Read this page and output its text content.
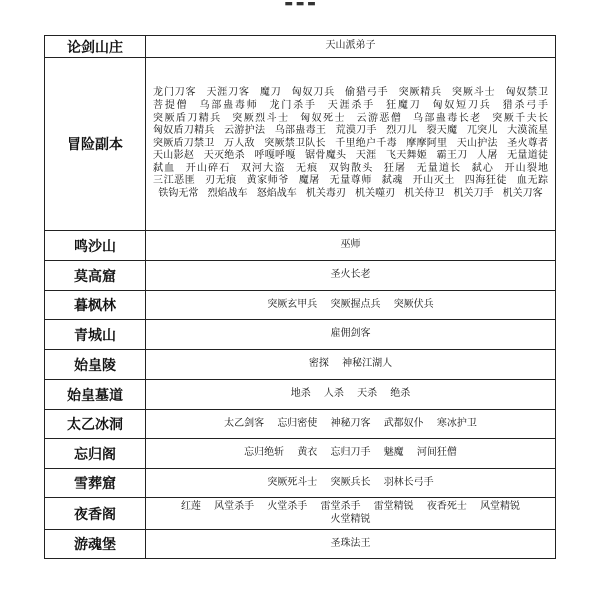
▬ ▬ ▬
论剑山庄	天山派弟子

冒险副本	龙门刀客 天涯刀客 魔刀 匈奴刀兵 偷猎弓手 突厥精兵 突厥斗士 匈奴禁卫 菩提僧 乌部蛊毒师 龙门杀手 天涯杀手 狂魔刀 匈奴短刀兵 猎杀弓手 突厥盾刀精兵 突厥烈斗士 匈奴死士 云游恶僧 乌部蛊毒长老 突厥千夫长 匈奴盾刀精兵 云游护法 乌部蛊毒王 荒漠刀手 烈刀儿 裂天魔 兀突儿 大漠流星 突厥盾刀禁卫 万人敌 突厥禁卫队长 千里绝户千毒 摩摩阿里 天山护法 圣火尊者 天山影赵 天灭绝杀 呼嘎呼嘎 锯骨魔头 天涯 飞天舞姬 霸王刀 人屠 无量道徒 弑血 开山碎石 双河大盗 无痕 双钩散头 狂屠 无量道长 弑心 开山裂地 三江恶匪 刃无痕 黄家师爷 魔屠 无量尊师 弑魂 开山灭土 四海狂徒 血无踪 铁钩无常 烈焰战车 怒焰战车 机关毒刃 机关噬刃 机关侍卫 机关刀手 机关刀客

鸣沙山	巫师

莫高窟	圣火长老

暮枫林	突厥玄甲兵 突厥握点兵 突厥伏兵

青城山	雇佣剑客

始皇陵	密探 神秘江湖人

始皇墓道	地杀 人杀 天杀 绝杀

太乙冰洞	太乙剑客 忘归密使 神秘刀客 武都奴仆 寒冰护卫

忘归阁	忘归绝斩 黄衣 忘归刀手 魅魔 河间狂僧

雪葬窟	突厥死斗士 突厥兵长 羽林长弓手

夜香阁	红莲 风堂杀手 火堂杀手 雷堂杀手 雷堂精锐 夜香死士 风堂精锐 火堂精锐

游魂堡	圣珠法王
